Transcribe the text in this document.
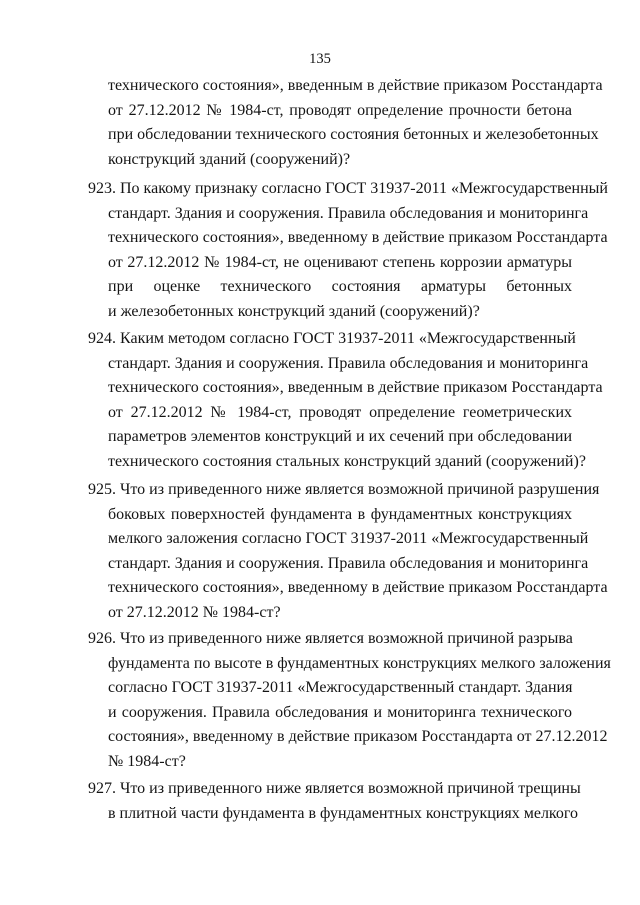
135
технического состояния», введенным в действие приказом Росстандарта
от 27.12.2012 № 1984-ст, проводят определение прочности бетона
при обследовании технического состояния бетонных и железобетонных
конструкций зданий (сооружений)?
923. По какому признаку согласно ГОСТ 31937-2011 «Межгосударственный
стандарт. Здания и сооружения. Правила обследования и мониторинга
технического состояния», введенному в действие приказом Росстандарта
от 27.12.2012 № 1984-ст, не оценивают степень коррозии арматуры
при оценке технического состояния арматуры бетонных
и железобетонных конструкций зданий (сооружений)?
924. Каким методом согласно ГОСТ 31937-2011 «Межгосударственный
стандарт. Здания и сооружения. Правила обследования и мониторинга
технического состояния», введенным в действие приказом Росстандарта
от 27.12.2012 № 1984-ст, проводят определение геометрических
параметров элементов конструкций и их сечений при обследовании
технического состояния стальных конструкций зданий (сооружений)?
925. Что из приведенного ниже является возможной причиной разрушения
боковых поверхностей фундамента в фундаментных конструкциях
мелкого заложения согласно ГОСТ 31937-2011 «Межгосударственный
стандарт. Здания и сооружения. Правила обследования и мониторинга
технического состояния», введенному в действие приказом Росстандарта
от 27.12.2012 № 1984-ст?
926. Что из приведенного ниже является возможной причиной разрыва
фундамента по высоте в фундаментных конструкциях мелкого заложения
согласно ГОСТ 31937-2011 «Межгосударственный стандарт. Здания
и сооружения. Правила обследования и мониторинга технического
состояния», введенному в действие приказом Росстандарта от 27.12.2012
№ 1984-ст?
927. Что из приведенного ниже является возможной причиной трещины
в плитной части фундамента в фундаментных конструкциях мелкого
